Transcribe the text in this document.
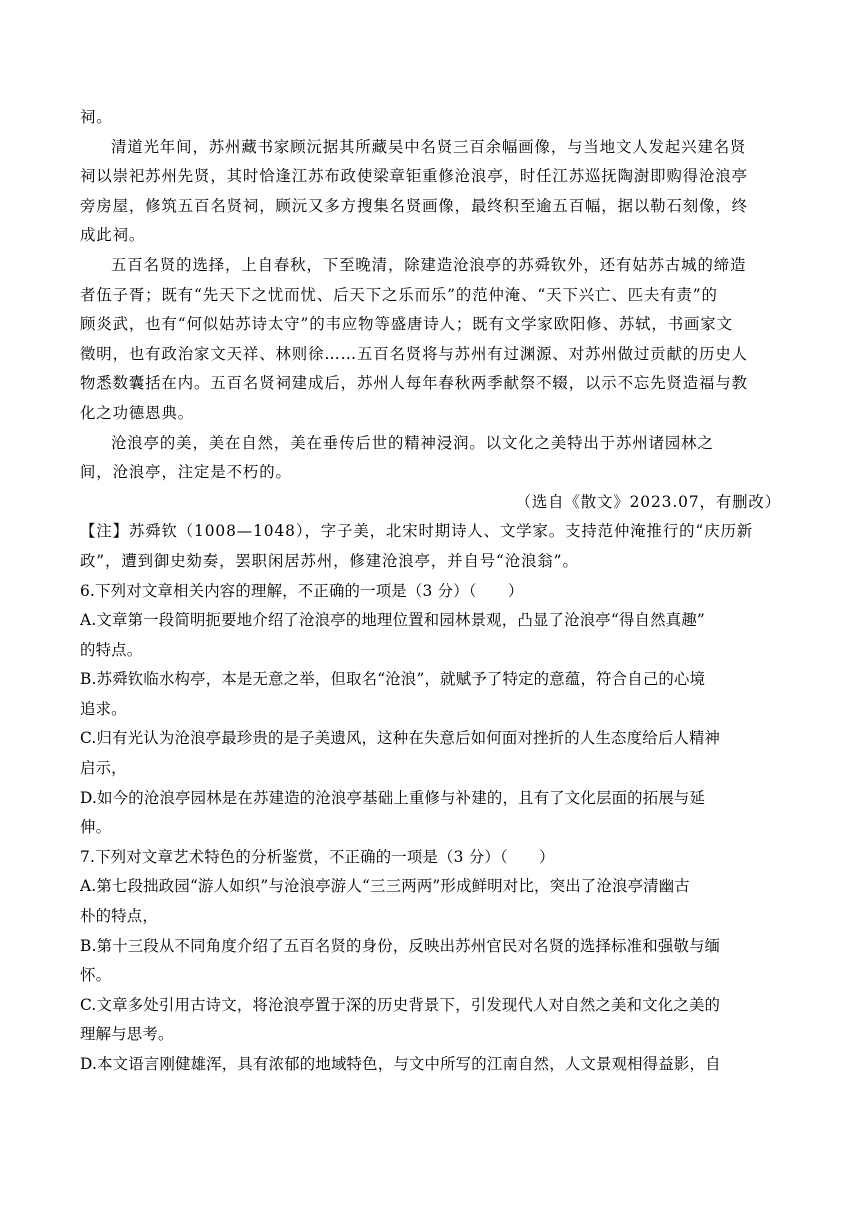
祠。
清道光年间，苏州藏书家顾沅据其所藏吴中名贤三百余幅画像，与当地文人发起兴建名贤
祠以崇祀苏州先贤，其时恰逢江苏布政使梁章钜重修沧浪亭，时任江苏巡抚陶澍即购得沧浪亭
旁房屋，修筑五百名贤祠，顾沅又多方搜集名贤画像，最终积至逾五百幅，据以勒石刻像，终
成此祠。
五百名贤的选择，上自春秋，下至晚清，除建造沧浪亭的苏舜钦外，还有姑苏古城的缔造
者伍子胥；既有“先天下之忧而忧、后天下之乐而乐”的范仲淹、“天下兴亡、匹夫有责”的
顾炎武，也有“何似姑苏诗太守”的韦应物等盛唐诗人；既有文学家欧阳修、苏轼，书画家文
徵明，也有政治家文天祥、林则徐……五百名贤将与苏州有过渊源、对苏州做过贡献的历史人
物悉数囊括在内。五百名贤祠建成后，苏州人每年春秋两季献祭不辍，以示不忘先贤造福与教
化之功德恩典。
沧浪亭的美，美在自然，美在垂传后世的精神浸润。以文化之美特出于苏州诸园林之
间，沧浪亭，注定是不朽的。
（选自《散文》2023.07，有删改）
【注】苏舜钦（1008—1048），字子美，北宋时期诗人、文学家。支持范仲淹推行的“庆历新
政”，遭到御史劾奏，罢职闲居苏州，修建沧浪亭，并自号“沧浪翁”。
6.下列对文章相关内容的理解，不正确的一项是（3 分）（　　）
A.文章第一段简明扼要地介绍了沧浪亭的地理位置和园林景观，凸显了沧浪亭“得自然真趣”
的特点。
B.苏舜钦临水构亭，本是无意之举，但取名“沧浪”，就赋予了特定的意蕴，符合自己的心境
追求。
C.归有光认为沧浪亭最珍贵的是子美遗风，这种在失意后如何面对挫折的人生态度给后人精神
启示，
D.如今的沧浪亭园林是在苏建造的沧浪亭基础上重修与补建的，且有了文化层面的拓展与延
伸。
7.下列对文章艺术特色的分析鉴赏，不正确的一项是（3 分）（　　）
A.第七段拙政园“游人如织”与沧浪亭游人“三三两两”形成鲜明对比，突出了沧浪亭清幽古
朴的特点，
B.第十三段从不同角度介绍了五百名贤的身份，反映出苏州官民对名贤的选择标准和强敬与缅
怀。
C.文章多处引用古诗文，将沧浪亭置于深的历史背景下，引发现代人对自然之美和文化之美的
理解与思考。
D.本文语言刚健雄浑，具有浓郁的地域特色，与文中所写的江南自然，人文景观相得益影，自
